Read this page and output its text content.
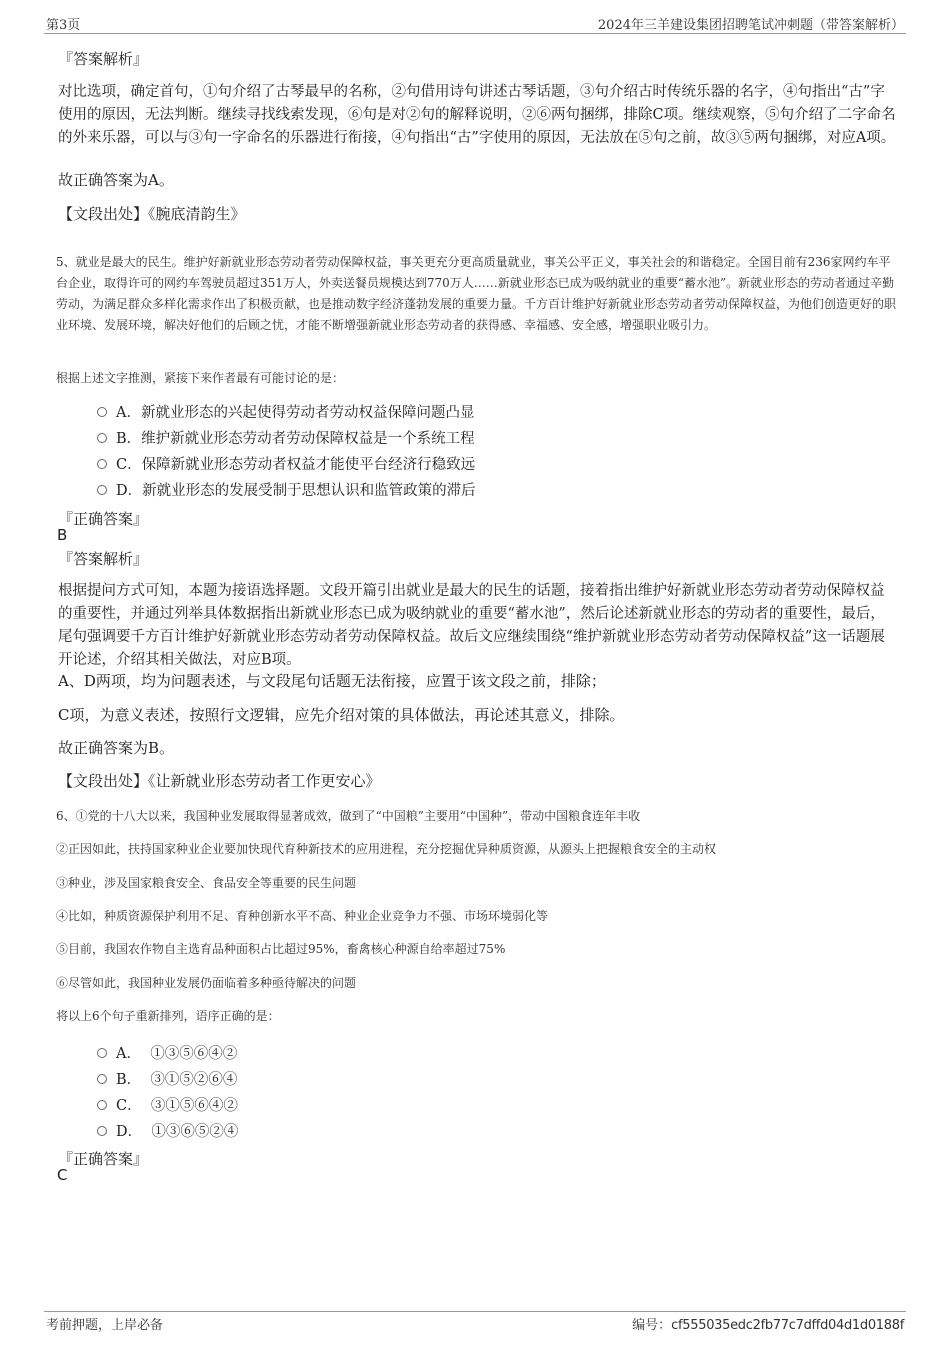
第3页	2024年三羊建设集团招聘笔试冲刺题（带答案解析）
『答案解析』

对比选项，确定首句，①句介绍了古琴最早的名称，②句借用诗句讲述古琴话题，③句介绍古时传统乐器的名字，④句指出“古”字使用的原因，无法判断。继续寻找线索发现，⑥句是对②句的解释说明，②⑥两句捆绑，排除C项。继续观察，⑤句介绍了二字命名的外来乐器，可以与③句一字命名的乐器进行衔接，④句指出“古”字使用的原因，无法放在⑤句之前，故③⑤两句捆绑，对应A项。

故正确答案为A。
【文段出处】《腕底清韵生》

5、就业是最大的民生。维护好新就业形态劳动者劳动保障权益，事关更充分更高质量就业，事关公平正义，事关社会的和谐稳定。全国目前有236家网约车平台企业，取得许可的网约车驾驶员超过351万人，外卖送餐员规模达到770万人……新就业形态已成为吸纳就业的重要“蓄水池”。新就业形态的劳动者通过辛勤劳动，为满足群众多样化需求作出了积极贡献，也是推动数字经济蓬勃发展的重要力量。千方百计维护好新就业形态劳动者劳动保障权益，为他们创造更好的职业环境、发展环境，解决好他们的后顾之忧，才能不断增强新就业形态劳动者的获得感、幸福感、安全感，增强职业吸引力。

根据上述文字推测，紧接下来作者最有可能讨论的是：
A．新就业形态的兴起使得劳动者劳动权益保障问题凸显
B．维护新就业形态劳动者劳动保障权益是一个系统工程
C．保障新就业形态劳动者权益才能使平台经济行稳致远
D．新就业形态的发展受制于思想认识和监管政策的滞后
『正确答案』
B
『答案解析』

根据提问方式可知，本题为接语选择题。文段开篇引出就业是最大的民生的话题，接着指出维护好新就业形态劳动者劳动保障权益的重要性，并通过列举具体数据指出新就业形态已成为吸纳就业的重要“蓄水池”，然后论述新就业形态的劳动者的重要性，最后，尾句强调要千方百计维护好新就业形态劳动者劳动保障权益。故后文应继续围绕“维护新就业形态劳动者劳动保障权益”这一话题展开论述，介绍其相关做法，对应B项。

A、D两项，均为问题表述，与文段尾句话题无法衔接，应置于该文段之前，排除；
C项，为意义表述，按照行文逻辑，应先介绍对策的具体做法，再论述其意义，排除。
故正确答案为B。
【文段出处】《让新就业形态劳动者工作更安心》
6、①党的十八大以来，我国种业发展取得显著成效，做到了“中国粮”主要用“中国种”，带动中国粮食连年丰收
②正因如此，扶持国家种业企业要加快现代育种新技术的应用进程，充分挖掘优异种质资源，从源头上把握粮食安全的主动权
③种业，涉及国家粮食安全、食品安全等重要的民生问题
④比如，种质资源保护利用不足、育种创新水平不高、种业企业竞争力不强、市场环境弱化等
⑤目前，我国农作物自主选育品种面积占比超过95%，畜禽核心种源自给率超过75%
⑥尽管如此，我国种业发展仍面临着多种亟待解决的问题
将以上6个句子重新排列，语序正确的是：
A． ①③⑤⑥④②
B． ③①⑤②⑥④
C． ③①⑤⑥④②
D． ①③⑥⑤②④
『正确答案』
C
考前押题，上岸必备	编号：cf555035edc2fb77c7dffd04d1d0188f
